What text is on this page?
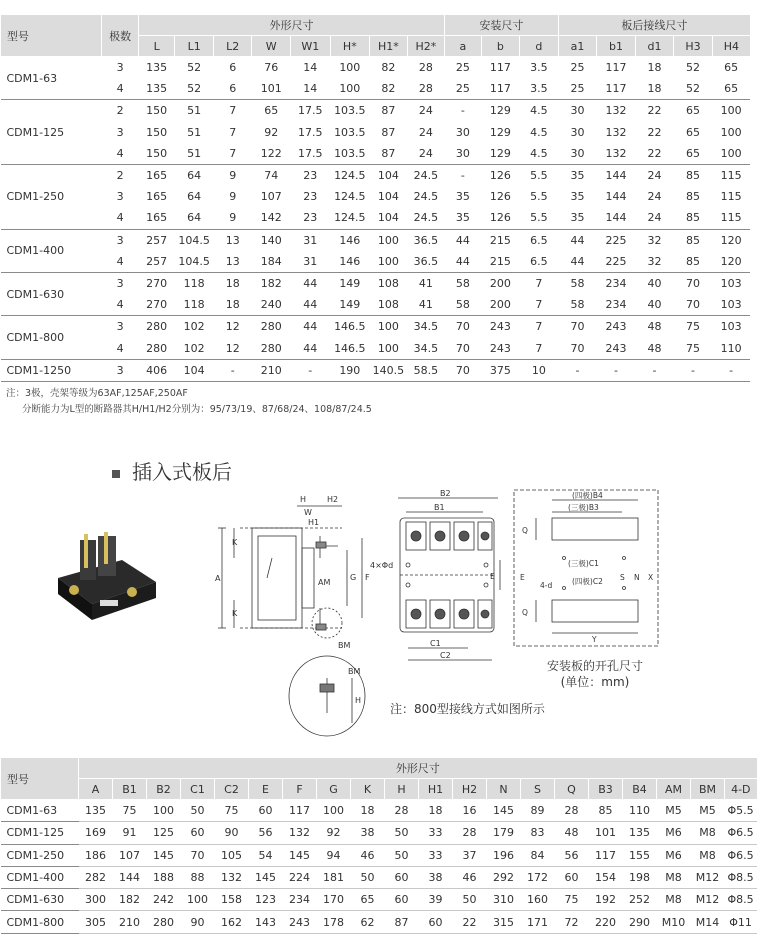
型号	极数	外形尺寸								安装尺寸			板后接线尺寸				
		L	L1	L2	W	W1	H*	H1*	H2*	a	b	d	a1	b1	d1	H3	H4
CDM1-63	3	135	52	6	76	14	100	82	28	25	117	3.5	25	117	18	52	65
	4	135	52	6	101	14	100	82	28	25	117	3.5	25	117	18	52	65
CDM1-125	2	150	51	7	65	17.5	103.5	87	24	-	129	4.5	30	132	22	65	100
	3	150	51	7	92	17.5	103.5	87	24	30	129	4.5	30	132	22	65	100
	4	150	51	7	122	17.5	103.5	87	24	30	129	4.5	30	132	22	65	100
CDM1-250	2	165	64	9	74	23	124.5	104	24.5	-	126	5.5	35	144	24	85	115
	3	165	64	9	107	23	124.5	104	24.5	35	126	5.5	35	144	24	85	115
	4	165	64	9	142	23	124.5	104	24.5	35	126	5.5	35	144	24	85	115
CDM1-400	3	257	104.5	13	140	31	146	100	36.5	44	215	6.5	44	225	32	85	120
	4	257	104.5	13	184	31	146	100	36.5	44	215	6.5	44	225	32	85	120
CDM1-630	3	270	118	18	182	44	149	108	41	58	200	7	58	234	40	70	103
	4	270	118	18	240	44	149	108	41	58	200	7	58	234	40	70	103
CDM1-800	3	280	102	12	280	44	146.5	100	34.5	70	243	7	70	243	48	75	103
	4	280	102	12	280	44	146.5	100	34.5	70	243	7	70	243	48	75	110
CDM1-1250	3	406	104	-	210	-	190	140.5	58.5	70	375	10	-	-	-	-	-
注：3极，壳架等级为63AF,125AF,250AF
分断能力为L型的断路器其H/H1/H2分别为：95/73/19、87/68/24、108/87/24.5
插入式板后
A
K
K
H	H2
W
H1
AM
G F
BM
BM
H
B2
B1
4×Φd
E
C1
C2
(四极)B4
(三极)B3
Q
Q
E
(三极)C1
(四极)C2
4-d
S N X
Y
安装板的开孔尺寸
(单位：mm)
注：800型接线方式如图所示
型号	外形尺寸																			
	A	B1	B2	C1	C2	E	F	G	K	H	H1	H2	N	S	Q	B3	B4	AM	BM	4-D
CDM1-63	135	75	100	50	75	60	117	100	18	28	18	16	145	89	28	85	110	M5	M5	Φ5.5
CDM1-125	169	91	125	60	90	56	132	92	38	50	33	28	179	83	48	101	135	M6	M8	Φ6.5
CDM1-250	186	107	145	70	105	54	145	94	46	50	33	37	196	84	56	117	155	M6	M8	Φ6.5
CDM1-400	282	144	188	88	132	145	224	181	50	60	38	46	292	172	60	154	198	M8	M12	Φ8.5
CDM1-630	300	182	242	100	158	123	234	170	65	60	39	50	310	160	75	192	252	M8	M12	Φ8.5
CDM1-800	305	210	280	90	162	143	243	178	62	87	60	22	315	171	72	220	290	M10	M14	Φ11
